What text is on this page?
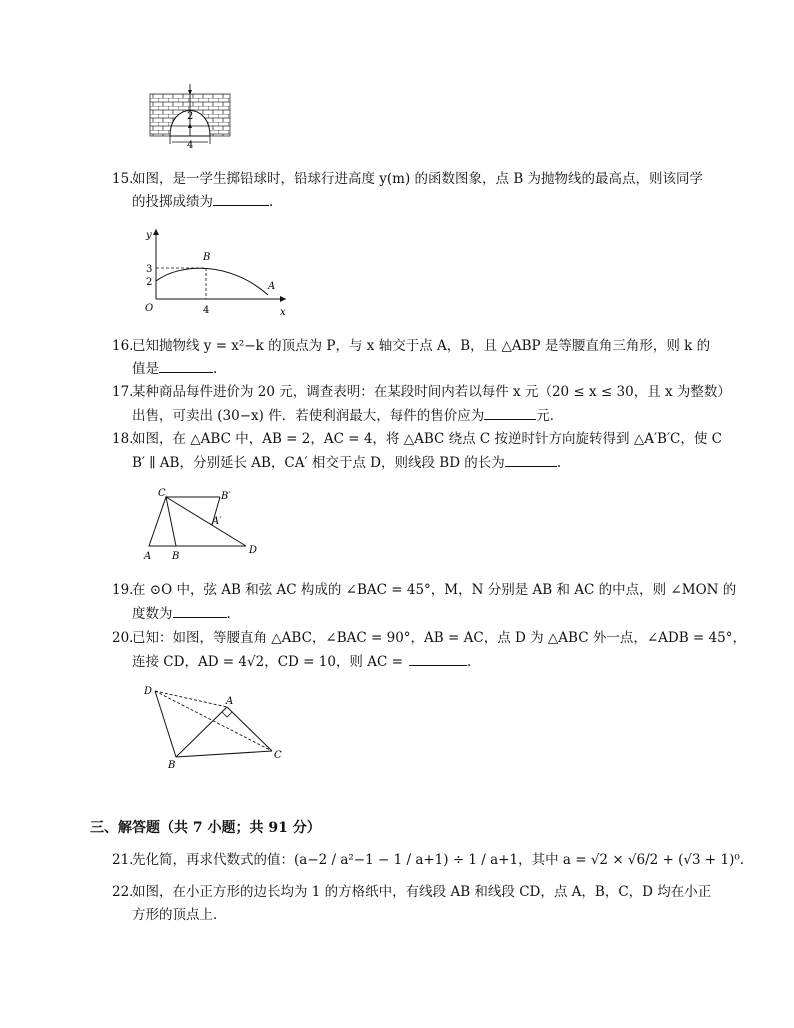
2
4
15.如图，是一学生掷铅球时，铅球行进高度 y(m) 的函数图象，点 B 为抛物线的最高点，则该同学
的投掷成绩为	.
y
x
O
B
A
3
2
4
16.已知抛物线 y = x²−k 的顶点为 P，与 x 轴交于点 A，B，且 △ABP 是等腰直角三角形，则 k 的
值是	.
17.某种商品每件进价为 20 元，调查表明：在某段时间内若以每件 x 元（20 ≤ x ≤ 30，且 x 为整数）
出售，可卖出 (30−x) 件．若使利润最大，每件的售价应为	元．
18.如图，在 △ABC 中，AB = 2，AC = 4，将 △ABC 绕点 C 按逆时针方向旋转得到 △A′B′C，使 C
B′ ∥ AB，分别延长 AB，CA′ 相交于点 D，则线段 BD 的长为	.
C	B′
A′
A B
D
19.在 ⊙O 中，弦 AB 和弦 AC 构成的 ∠BAC = 45°，M，N 分别是 AB 和 AC 的中点，则 ∠MON 的
度数为	.
20.已知：如图，等腰直角 △ABC，∠BAC = 90°，AB = AC，点 D 为 △ABC 外一点，∠ADB = 45°，
连接 CD，AD = 4√2，CD = 10，则 AC =	.
D
A
B
C
三、解答题（共 7 小题；共 91 分）
21.先化简，再求代数式的值：(a−2 / a²−1 − 1 / a+1) ÷ 1 / a+1，其中 a = √2 × √6/2 + (√3 + 1)⁰.
22.如图，在小正方形的边长均为 1 的方格纸中，有线段 AB 和线段 CD，点 A，B，C，D 均在小正
方形的顶点上．
